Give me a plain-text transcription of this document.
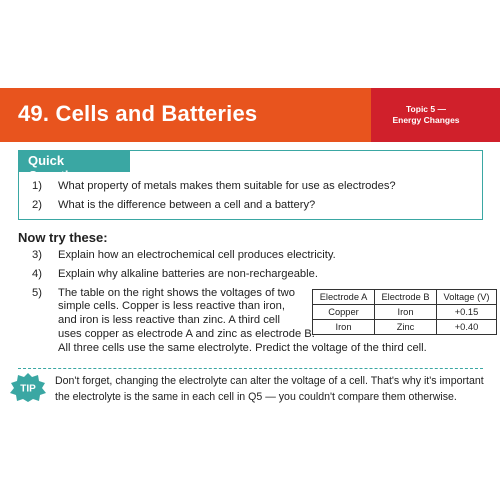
49. Cells and Batteries	Topic 5 —
Energy Changes
Quick Questions
1) What property of metals makes them suitable for use as electrodes?
2) What is the difference between a cell and a battery?
Now try these:
3) Explain how an electrochemical cell produces electricity.
4) Explain why alkaline batteries are non-rechargeable.
5) The table on the right shows the voltages of two
simple cells. Copper is less reactive than iron,
and iron is less reactive than zinc. A third cell
uses copper as electrode A and zinc as electrode B.
All three cells use the same electrolyte. Predict the voltage of the third cell.
Electrode A	Electrode B	Voltage (V)
Copper	Iron	+0.15
Iron	Zinc	+0.40
TIP
Don't forget, changing the electrolyte can alter the voltage of a cell. That's why it's important
the electrolyte is the same in each cell in Q5 — you couldn't compare them otherwise.
